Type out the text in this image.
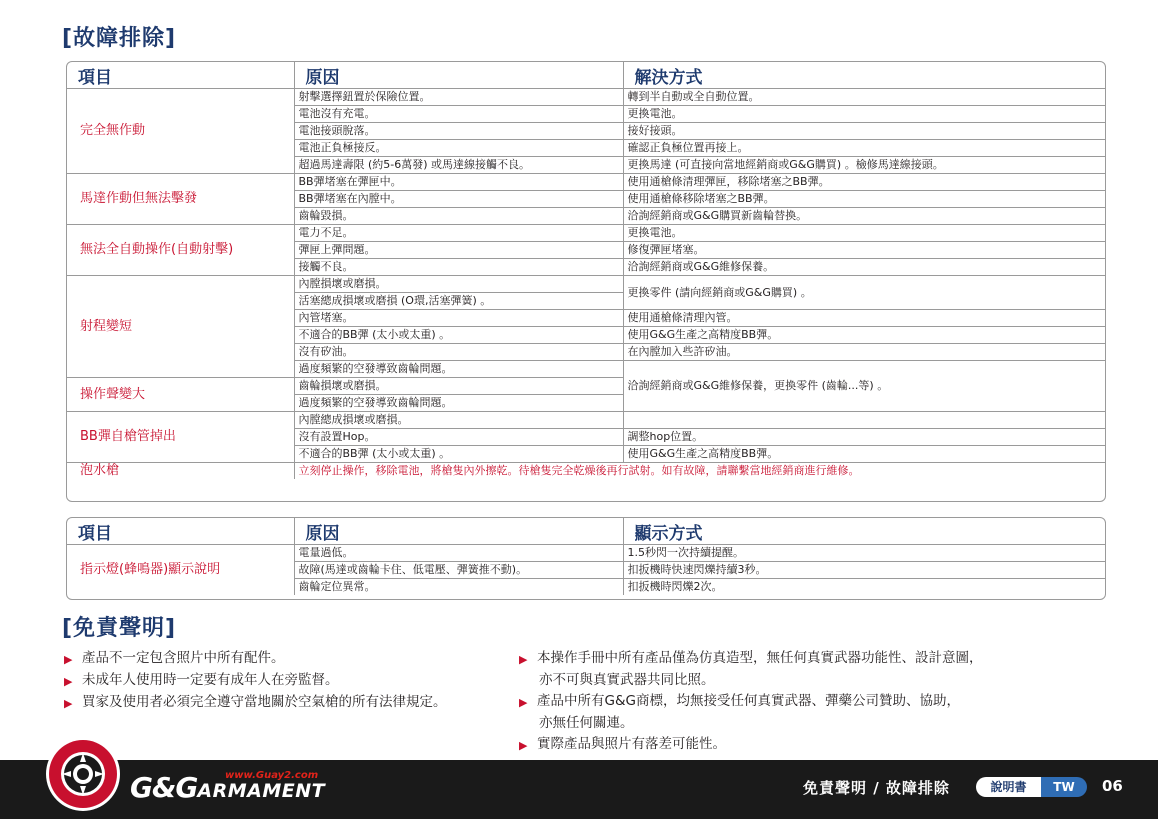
[故障排除]
項目	原因	解決方式
完全無作動	射擊選擇鈕置於保險位置。	轉到半自動或全自動位置。
	電池沒有充電。	更換電池。
	電池接頭脫落。	接好接頭。
	電池正負極接反。	確認正負極位置再接上。
	超過馬達壽限 (約5-6萬發) 或馬達線接觸不良。	更換馬達 (可直接向當地經銷商或G&G購買) 。檢修馬達線接頭。
馬達作動但無法擊發	BB彈堵塞在彈匣中。	使用通槍條清理彈匣，移除堵塞之BB彈。
	BB彈堵塞在內膛中。	使用通槍條移除堵塞之BB彈。
	齒輪毀損。	洽詢經銷商或G&G購買新齒輪替換。
無法全自動操作(自動射擊)	電力不足。	更換電池。
	彈匣上彈問題。	修復彈匣堵塞。
	接觸不良。	洽詢經銷商或G&G維修保養。
射程變短	內膛損壞或磨損。	更換零件 (請向經銷商或G&G購買) 。
	活塞總成損壞或磨損 (O環,活塞彈簧) 。	
	內管堵塞。	使用通槍條清理內管。
	不適合的BB彈 (太小或太重) 。	使用G&G生產之高精度BB彈。
	沒有矽油。	在內膛加入些許矽油。
	過度頻繁的空發導致齒輪問題。	洽詢經銷商或G&G維修保養，更換零件 (齒輪...等) 。
操作聲變大	齒輪損壞或磨損。	
	過度頻繁的空發導致齒輪問題。	
BB彈自槍管掉出	內膛總成損壞或磨損。	
	沒有設置Hop。	調整hop位置。
	不適合的BB彈 (太小或太重) 。	使用G&G生產之高精度BB彈。
泡水槍	立刻停止操作，移除電池，將槍隻內外擦乾。待槍隻完全乾燥後再行試射。如有故障，請聯繫當地經銷商進行維修。	
項目	原因	顯示方式
指示燈(蜂鳴器)顯示說明	電量過低。	1.5秒閃一次持續提醒。
	故障(馬達或齒輪卡住、低電壓、彈簧推不動)。	扣扳機時快速閃爍持續3秒。
	齒輪定位異常。	扣扳機時閃爍2次。
[免責聲明]
▶ 產品不一定包含照片中所有配件。
▶ 未成年人使用時一定要有成年人在旁監督。
▶ 買家及使用者必須完全遵守當地關於空氣槍的所有法律規定。
▶ 本操作手冊中所有產品僅為仿真造型，無任何真實武器功能性、設計意圖，
亦不可與真實武器共同比照。
▶ 產品中所有G&G商標，均無接受任何真實武器、彈藥公司贊助、協助，
亦無任何關連。
▶ 實際產品與照片有落差可能性。
G&GARMAMENT
www.Guay2.com
免責聲明 / 故障排除	說明書	TW	06
